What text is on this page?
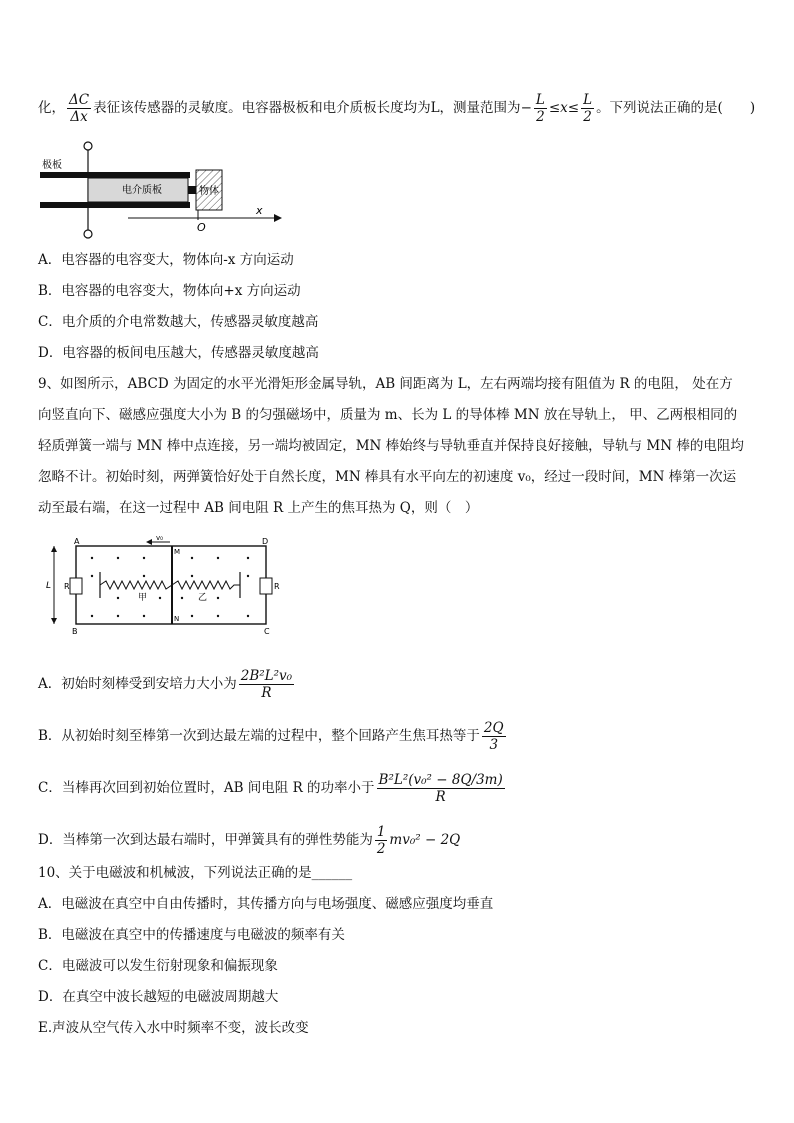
化， $\frac{\Delta C}{\Delta x}$ 表征该传感器的灵敏度。电容器极板和电介质板长度均为L，测量范围为− $\frac{L}{2} \le x\le \frac{L}{2}$ 。下列说法正确的是(　　)
极板
电介质板	物体
x
O
A．电容器的电容变大，物体向-x 方向运动
B．电容器的电容变大，物体向+x 方向运动
C．电介质的介电常数越大，传感器灵敏度越高
D．电容器的板间电压越大，传感器灵敏度越高
9、如图所示，ABCD 为固定的水平光滑矩形金属导轨，AB 间距离为 L，左右两端均接有阻值为 R 的电阻， 处在方
向竖直向下、磁感应强度大小为 B 的匀强磁场中，质量为 m、长为 L 的导体棒 MN 放在导轨上， 甲、乙两根相同的
轻质弹簧一端与 MN 棒中点连接，另一端均被固定，MN 棒始终与导轨垂直并保持良好接触，导轨与 MN 棒的电阻均
忽略不计。初始时刻，两弹簧恰好处于自然长度，MN 棒具有水平向左的初速度 v₀，经过一段时间，MN 棒第一次运
动至最右端，在这一过程中 AB 间电阻 R 上产生的焦耳热为 Q，则（　）
A
B	C
D
M
N
L R	R
甲	乙
v₀
A．初始时刻棒受到安培力大小为 $\frac{\text{2B²L²v₀}}{R}$
B．从初始时刻至棒第一次到达最左端的过程中，整个回路产生焦耳热等于 $\frac{2Q}{3}$
C．当棒再次回到初始位置时，AB 间电阻 R 的功率小于 $\frac{\text{B²L²(v₀² − 8Q/3m)}}{R}$
D．当棒第一次到达最右端时，甲弹簧具有的弹性势能为 $\frac{1}{2} mv_0^2 - 2Q$
10、关于电磁波和机械波，下列说法正确的是______
A．电磁波在真空中自由传播时，其传播方向与电场强度、磁感应强度均垂直
B．电磁波在真空中的传播速度与电磁波的频率有关
C．电磁波可以发生衍射现象和偏振现象
D．在真空中波长越短的电磁波周期越大
E.声波从空气传入水中时频率不变，波长改变
